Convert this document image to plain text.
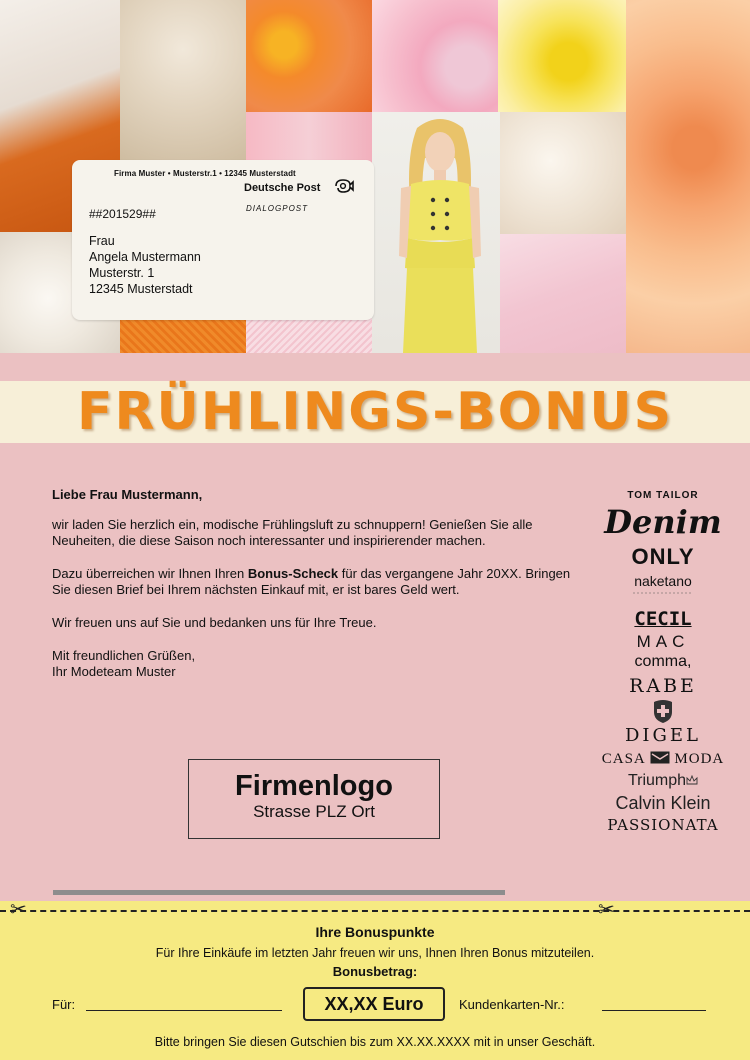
Firma Muster • Musterstr.1 • 12345 Musterstadt
Deutsche Post
DIALOGPOST
##201529##
Frau
Angela Mustermann
Musterstr. 1
12345 Musterstadt
FRÜHLINGS-BONUS

Liebe Frau Mustermann,

wir laden Sie herzlich ein, modische Frühlingsluft zu schnuppern! Genießen Sie alle Neuheiten, die diese Saison noch interessanter und inspirierender machen.

Dazu überreichen wir Ihnen Ihren Bonus-Scheck für das vergangene Jahr 20XX. Bringen Sie diesen Brief bei Ihrem nächsten Einkauf mit, er ist bares Geld wert.

Wir freuen uns auf Sie und bedanken uns für Ihre Treue.

Mit freundlichen Grüßen,
Ihr Modeteam Muster
Firmenlogo
Strasse PLZ Ort
TOM TAILOR
Denim
ONLY
naketano
CECIL
MAC
comma,
RABE
DIGEL
CASA MODA
Triumph
Calvin Klein
PASSIONATA
✂	✂
Ihre Bonuspunkte
Für Ihre Einkäufe im letzten Jahr freuen wir uns, Ihnen Ihren Bonus mitzuteilen.
Bonusbetrag:
Für:	XX,XX Euro	Kundenkarten-Nr.:
Bitte bringen Sie diesen Gutschien bis zum XX.XX.XXXX mit in unser Geschäft.
